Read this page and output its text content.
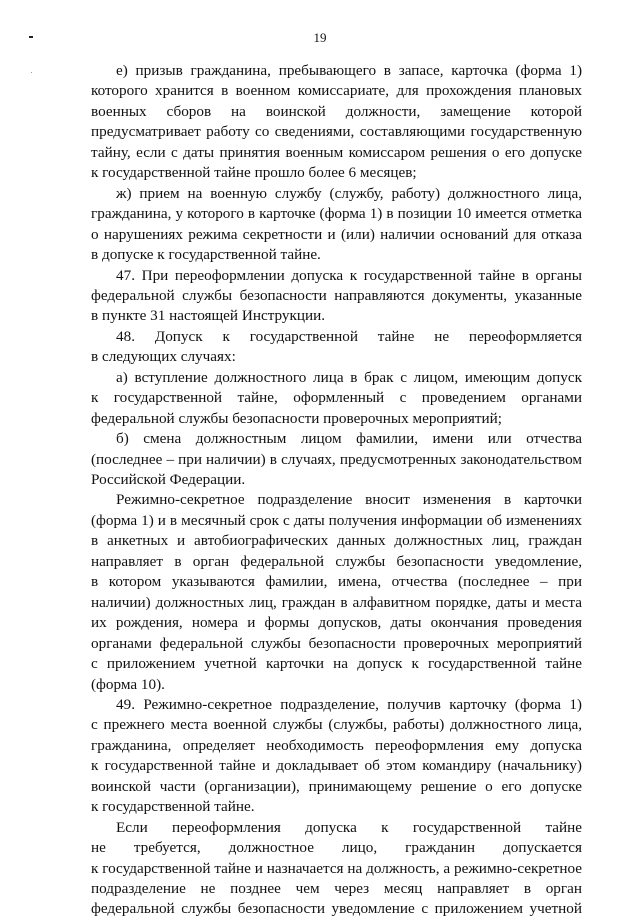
19
е) призыв гражданина, пребывающего в запасе, карточка (форма 1)
которого хранится в военном комиссариате, для прохождения плановых
военных сборов на воинской должности, замещение которой
предусматривает работу со сведениями, составляющими государственную
тайну, если с даты принятия военным комиссаром решения о его допуске
к государственной тайне прошло более 6 месяцев;
ж) прием на военную службу (службу, работу) должностного лица,
гражданина, у которого в карточке (форма 1) в позиции 10 имеется отметка
о нарушениях режима секретности и (или) наличии оснований для отказа
в допуске к государственной тайне.
47. При переоформлении допуска к государственной тайне в органы
федеральной службы безопасности направляются документы, указанные
в пункте 31 настоящей Инструкции.
48. Допуск к государственной тайне не переоформляется
в следующих случаях:
а) вступление должностного лица в брак с лицом, имеющим допуск
к государственной тайне, оформленный с проведением органами
федеральной службы безопасности проверочных мероприятий;
б) смена должностным лицом фамилии, имени или отчества
(последнее – при наличии) в случаях, предусмотренных законодательством
Российской Федерации.
Режимно-секретное подразделение вносит изменения в карточки
(форма 1) и в месячный срок с даты получения информации об изменениях
в анкетных и автобиографических данных должностных лиц, граждан
направляет в орган федеральной службы безопасности уведомление,
в котором указываются фамилии, имена, отчества (последнее – при
наличии) должностных лиц, граждан в алфавитном порядке, даты и места
их рождения, номера и формы допусков, даты окончания проведения
органами федеральной службы безопасности проверочных мероприятий
с приложением учетной карточки на допуск к государственной тайне
(форма 10).
49. Режимно-секретное подразделение, получив карточку (форма 1)
с прежнего места военной службы (службы, работы) должностного лица,
гражданина, определяет необходимость переоформления ему допуска
к государственной тайне и докладывает об этом командиру (начальнику)
воинской части (организации), принимающему решение о его допуске
к государственной тайне.
Если переоформления допуска к государственной тайне
не требуется, должностное лицо, гражданин допускается
к государственной тайне и назначается на должность, а режимно-секретное
подразделение не позднее чем через месяц направляет в орган
федеральной службы безопасности уведомление с приложением учетной
